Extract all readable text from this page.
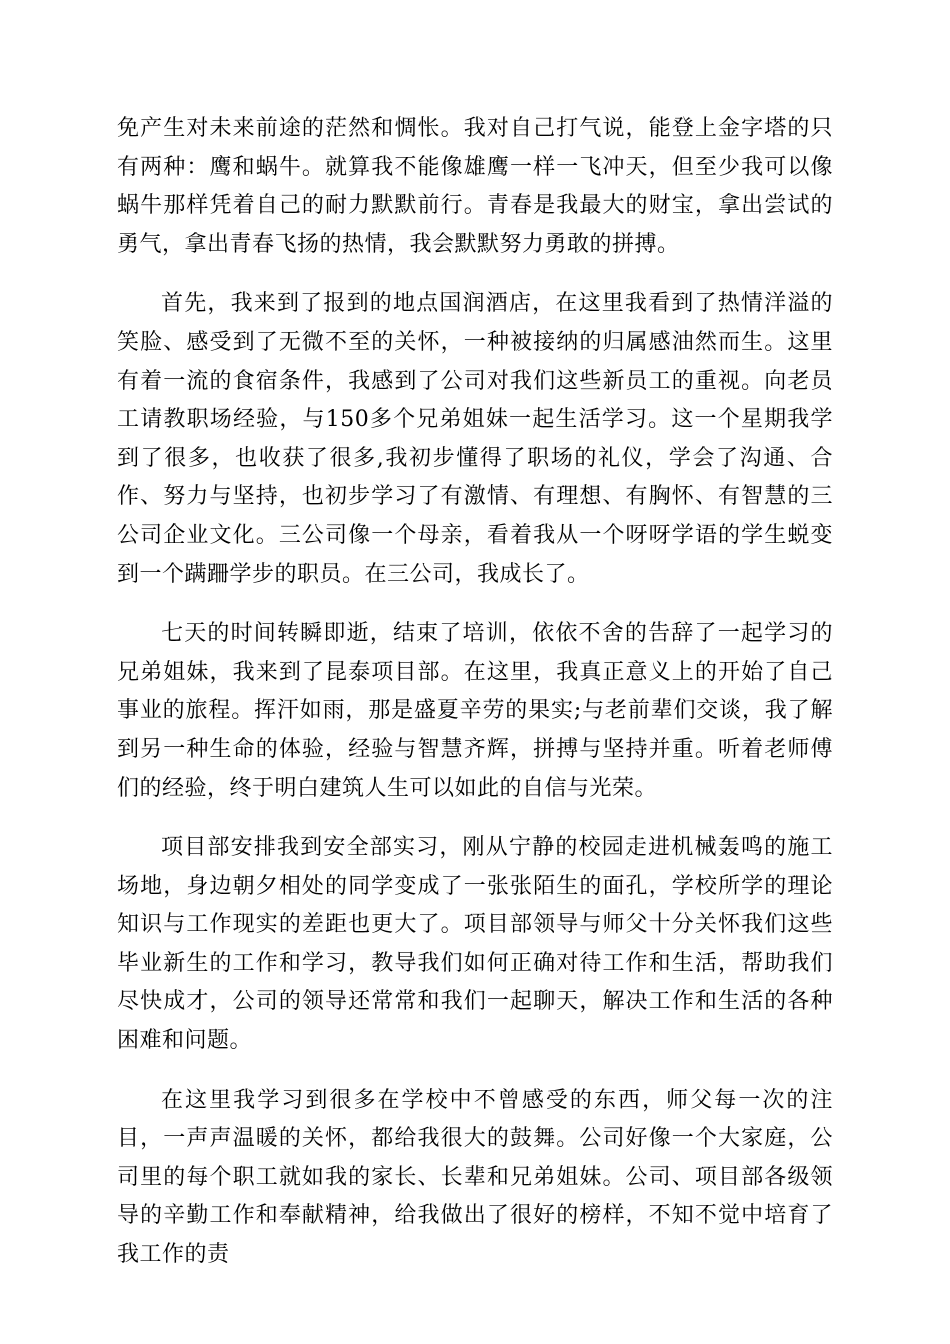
免产生对未来前途的茫然和惆怅。我对自己打气说，能登上金字塔的只有两种：鹰和蜗牛。就算我不能像雄鹰一样一飞冲天，但至少我可以像蜗牛那样凭着自己的耐力默默前行。青春是我最大的财宝，拿出尝试的勇气，拿出青春飞扬的热情，我会默默努力勇敢的拼搏。

首先，我来到了报到的地点国润酒店，在这里我看到了热情洋溢的笑脸、感受到了无微不至的关怀，一种被接纳的归属感油然而生。这里有着一流的食宿条件，我感到了公司对我们这些新员工的重视。向老员工请教职场经验，与150多个兄弟姐妹一起生活学习。这一个星期我学到了很多，也收获了很多,我初步懂得了职场的礼仪，学会了沟通、合作、努力与坚持，也初步学习了有激情、有理想、有胸怀、有智慧的三公司企业文化。三公司像一个母亲，看着我从一个呀呀学语的学生蜕变到一个蹒跚学步的职员。在三公司，我成长了。

七天的时间转瞬即逝，结束了培训，依依不舍的告辞了一起学习的兄弟姐妹，我来到了昆泰项目部。在这里，我真正意义上的开始了自己事业的旅程。挥汗如雨，那是盛夏辛劳的果实;与老前辈们交谈，我了解到另一种生命的体验，经验与智慧齐辉，拼搏与坚持并重。听着老师傅们的经验，终于明白建筑人生可以如此的自信与光荣。

项目部安排我到安全部实习，刚从宁静的校园走进机械轰鸣的施工场地，身边朝夕相处的同学变成了一张张陌生的面孔，学校所学的理论知识与工作现实的差距也更大了。项目部领导与师父十分关怀我们这些毕业新生的工作和学习，教导我们如何正确对待工作和生活，帮助我们尽快成才，公司的领导还常常和我们一起聊天，解决工作和生活的各种困难和问题。

在这里我学习到很多在学校中不曾感受的东西，师父每一次的注目，一声声温暖的关怀，都给我很大的鼓舞。公司好像一个大家庭，公司里的每个职工就如我的家长、长辈和兄弟姐妹。公司、项目部各级领导的辛勤工作和奉献精神，给我做出了很好的榜样，不知不觉中培育了我工作的责
